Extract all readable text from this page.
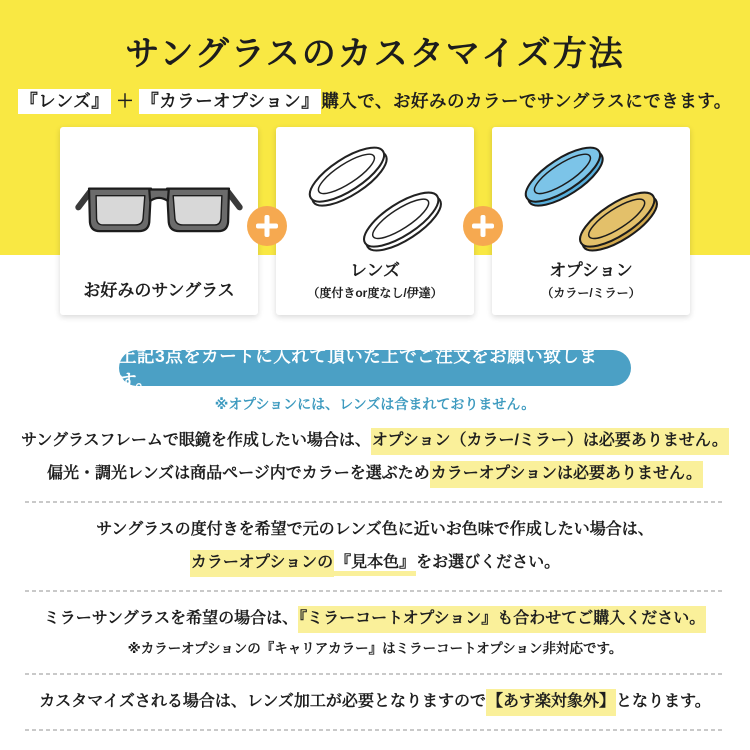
サングラスのカスタマイズ方法
『レンズ』 ＋ 『カラーオプション』 購入で、お好みのカラーでサングラスにできます。
お好みのサングラス
レンズ
（度付きor度なし/伊達）
オプション
（カラー/ミラー）
上記3点をカートに入れて頂いた上でご注文をお願い致します。
※オプションには、レンズは含まれておりません。
サングラスフレームで眼鏡を作成したい場合は、オプション（カラー/ミラー）は必要ありません。
偏光・調光レンズは商品ページ内でカラーを選ぶためカラーオプションは必要ありません。
サングラスの度付きを希望で元のレンズ色に近いお色味で作成したい場合は、
カラーオプションの 『見本色』をお選びください。
ミラーサングラスを希望の場合は、『ミラーコートオプション』も合わせてご購入ください。
※カラーオプションの『キャリアカラー』はミラーコートオプション非対応です。
カスタマイズされる場合は、レンズ加工が必要となりますので【あす楽対象外】となります。
